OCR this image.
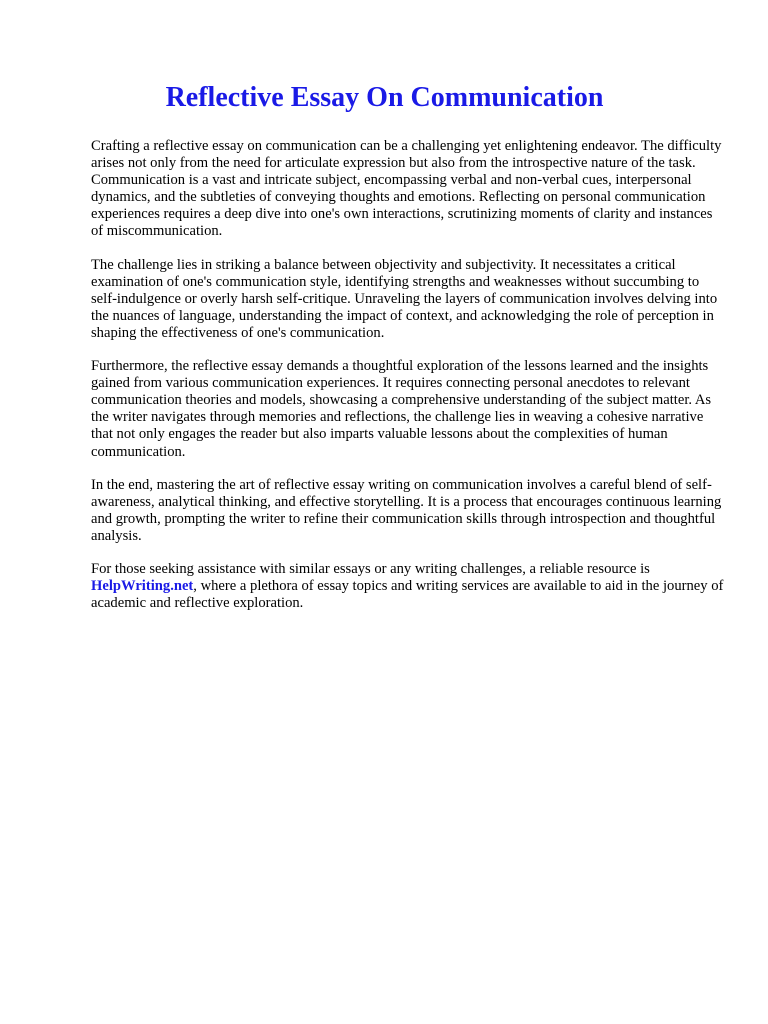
Reflective Essay On Communication

Crafting a reflective essay on communication can be a challenging yet enlightening endeavor. The difficulty arises not only from the need for articulate expression but also from the introspective nature of the task. Communication is a vast and intricate subject, encompassing verbal and non-verbal cues, interpersonal dynamics, and the subtleties of conveying thoughts and emotions. Reflecting on personal communication experiences requires a deep dive into one's own interactions, scrutinizing moments of clarity and instances of miscommunication.

The challenge lies in striking a balance between objectivity and subjectivity. It necessitates a critical examination of one's communication style, identifying strengths and weaknesses without succumbing to self-indulgence or overly harsh self-critique. Unraveling the layers of communication involves delving into the nuances of language, understanding the impact of context, and acknowledging the role of perception in shaping the effectiveness of one's communication.

Furthermore, the reflective essay demands a thoughtful exploration of the lessons learned and the insights gained from various communication experiences. It requires connecting personal anecdotes to relevant communication theories and models, showcasing a comprehensive understanding of the subject matter. As the writer navigates through memories and reflections, the challenge lies in weaving a cohesive narrative that not only engages the reader but also imparts valuable lessons about the complexities of human communication.

In the end, mastering the art of reflective essay writing on communication involves a careful blend of self-awareness, analytical thinking, and effective storytelling. It is a process that encourages continuous learning and growth, prompting the writer to refine their communication skills through introspection and thoughtful analysis.

For those seeking assistance with similar essays or any writing challenges, a reliable resource is HelpWriting.net, where a plethora of essay topics and writing services are available to aid in the journey of academic and reflective exploration.
